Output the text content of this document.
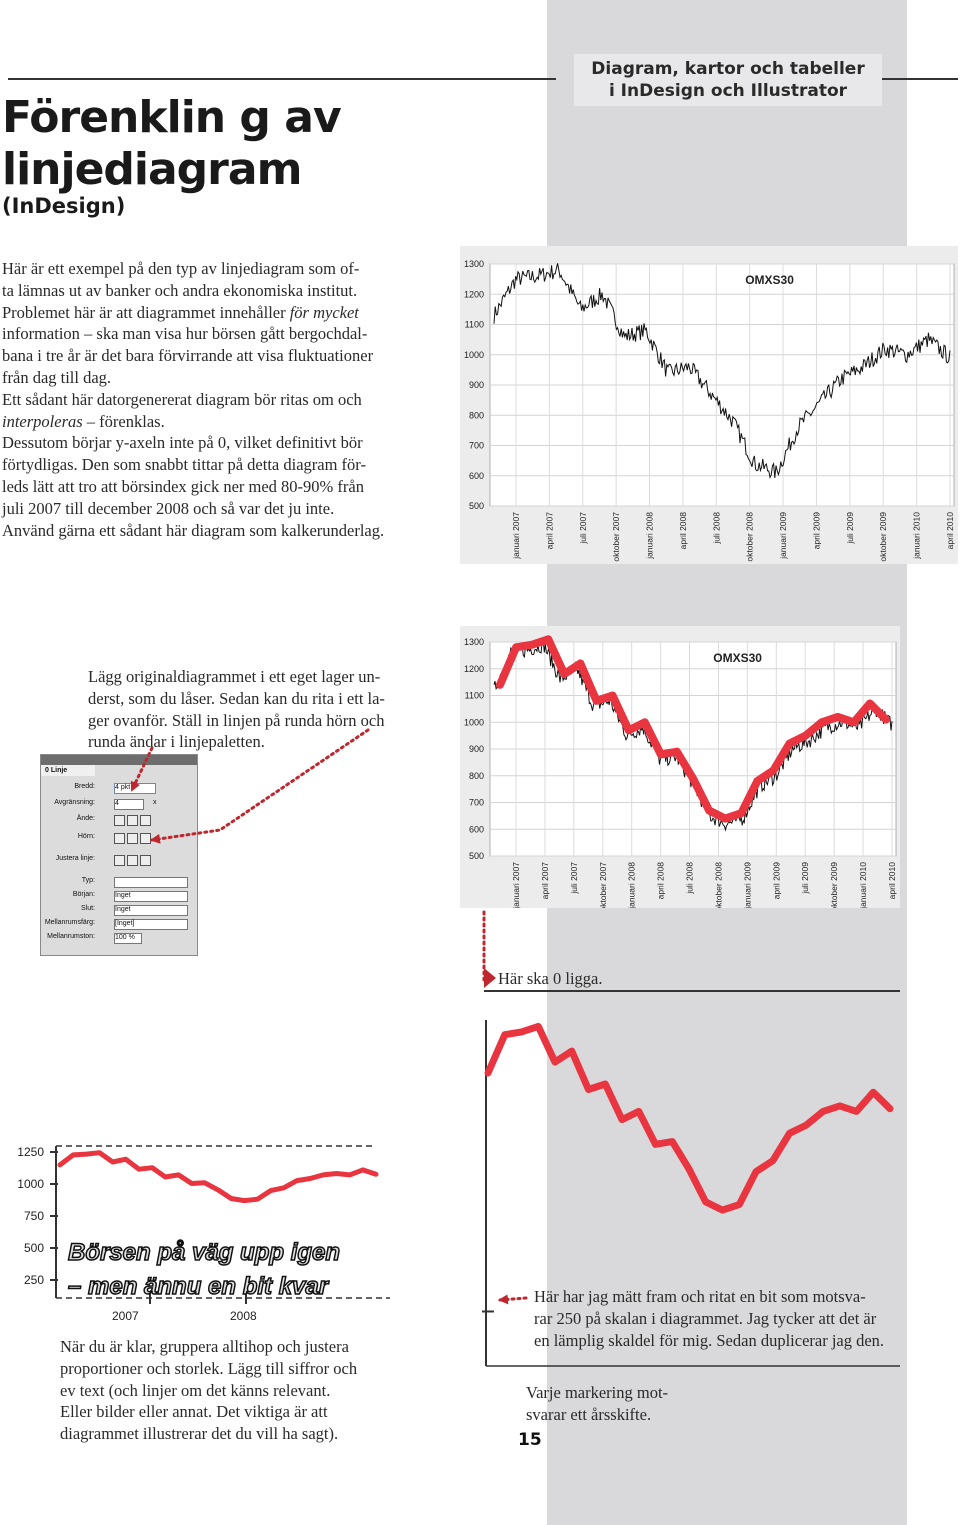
Diagram, kartor och tabeller
i InDesign och Illustrator
Förenklin g av
linjediagram
(InDesign)

Här är ett exempel på den typ av linjediagram som of-

ta lämnas ut av banker och andra ekonomiska institut.

Problemet här är att diagrammet innehåller för mycket

information – ska man visa hur börsen gått bergochdal-

bana i tre år är det bara förvirrande att visa fluktuationer

från dag till dag.

Ett sådant här datorgenererat diagram bör ritas om och

interpoleras – förenklas.

Dessutom börjar y-axeln inte på 0, vilket definitivt bör

förtydligas. Den som snabbt tittar på detta diagram för-

leds lätt att tro att börsindex gick ner med 80-90% från

juli 2007 till december 2008 och så var det ju inte.

Använd gärna ett sådant här diagram som kalkerunderlag.

1300
1200
1100
1000
900
800
700
600
500
januari 2007	april 2007	juli 2007	oktober 2007	januari 2008	april 2008	juli 2008	oktober 2008	januari 2009	april 2009	juli 2009	oktober 2009	januari 2010	april 2010
OMXS30
1300
1200
1100
1000
900
800
700
600
500
januari 2007 april 2007 juli 2007 oktober 2007 januari 2008 april 2008 juli 2008 oktober 2008 januari 2009 april 2009 juli 2009 oktober 2009 januari 2010 april 2010
OMXS30
Lägg originaldiagrammet i ett eget lager un-
derst, som du låser. Sedan kan du rita i ett la-
ger ovanför. Ställ in linjen på runda hörn och
runda ändar i linjepaletten.
0 Linje
Bredd:	4 pkt
Avgränsning:	4	x
Ände:
Hörn:
Justera linje:
Typ:
Början:	Inget
Slut:	Inget
Mellanrumsfärg:	[Inget]
Mellanrumston:	100 %
Här ska 0 ligga.
1250
1000
750
500
250
2007	2008
Börsen på väg upp igen
– men ännu en bit kvar	Här har jag mätt fram och ritat en bit som motsva-
rar 250 på skalan i diagrammet. Jag tycker att det är
en lämplig skaldel för mig. Sedan duplicerar jag den.
Varje markering mot-
svarar ett årsskifte.
När du är klar, gruppera alltihop och justera
proportioner och storlek. Lägg till siffror och
ev text (och linjer om det känns relevant.
Eller bilder eller annat. Det viktiga är att
diagrammet illustrerar det du vill ha sagt).	15
